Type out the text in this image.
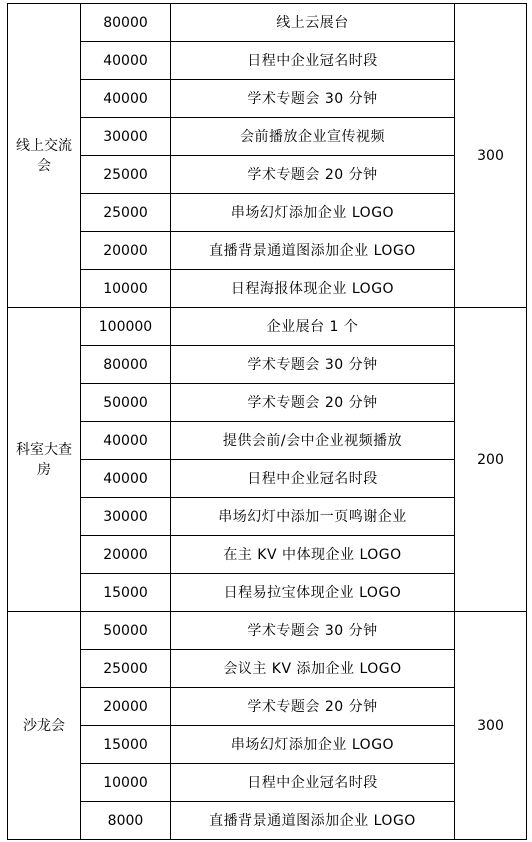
线上交流会	80000	线上云展台	300
	40000	日程中企业冠名时段	
	40000	学术专题会 30 分钟	
	30000	会前播放企业宣传视频	
	25000	学术专题会 20 分钟	
	25000	串场幻灯添加企业 LOGO	
	20000	直播背景通道图添加企业 LOGO	
	10000	日程海报体现企业 LOGO	
科室大查房	100000	企业展台 1 个	200
	80000	学术专题会 30 分钟	
	50000	学术专题会 20 分钟	
	40000	提供会前/会中企业视频播放	
	40000	日程中企业冠名时段	
	30000	串场幻灯中添加一页鸣谢企业	
	20000	在主 KV 中体现企业 LOGO	
	15000	日程易拉宝体现企业 LOGO	
沙龙会	50000	学术专题会 30 分钟	300
	25000	会议主 KV 添加企业 LOGO	
	20000	学术专题会 20 分钟	
	15000	串场幻灯添加企业 LOGO	
	10000	日程中企业冠名时段	
	8000	直播背景通道图添加企业 LOGO	
